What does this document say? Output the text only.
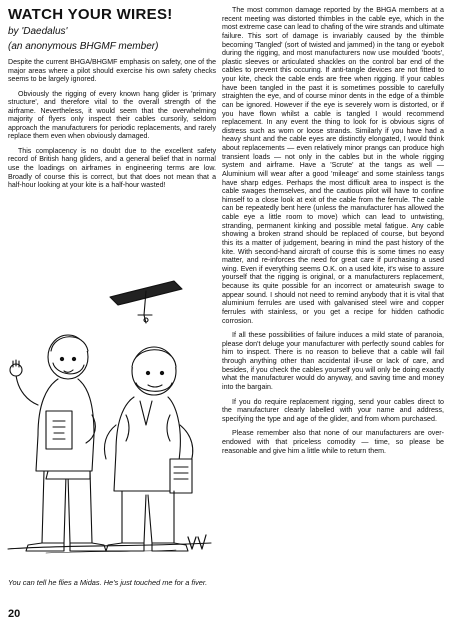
WATCH YOUR WIRES!

by 'Daedalus'

(an anonymous BHGMF member)

Despite the current BHGA/BHGMF emphasis on safety, one of the major areas where a pilot should exercise his own safety checks seems to be largely ignored.

Obviously the rigging of every known hang glider is 'primary structure', and therefore vital to the overall strength of the airframe. Nevertheless, it would seem that the overwhelming majority of flyers only inspect their cables cursorily, seldom approach the manufacturers for periodic replacements, and rarely replace them even when obviously damaged.

This complacency is no doubt due to the excellent safety record of British hang gliders, and a general belief that in normal use the loadings on airframes in engineering terms are low. Broadly of course this is correct, but that does not mean that a half-hour looking at your kite is a half-hour wasted!

The most common damage reported by the BHGA members at a recent meeting was distorted thimbles in the cable eye, which in the most extreme case can lead to chafing of the wire strands and ultimate failure. This sort of damage is invariably caused by the thimble becoming 'Tangled' (sort of twisted and jammed) in the tang or eyebolt during the rigging, and most manufacturers now use moulded 'boots', plastic sleeves or articulated shackles on the control bar end of the cables to prevent this occuring. If anti-tangle devices are not fitted to your kite, check the cable ends are free when rigging. If your cables have been tangled in the past it is sometimes possible to carefully straighten the eye, and of course minor dents in the edge of a thimble can be ignored. However if the eye is severely worn is distorted, or if you have flown whilst a cable is tangled I would recommend replacement. In any event the thing to look for is obvious signs of distress such as worn or loose strands. Similarly if you have had a heavy shunt and the cable eyes are distinctly elongated, I would think about replacements — even relatively minor prangs can produce high transient loads — not only in the cables but in the whole rigging system and airframe. Have a 'Scrute' at the tangs as well — Aluminium will wear after a good 'mileage' and some stainless tangs have sharp edges. Perhaps the most difficult area to inspect is the cable swages themselves, and the cautious pilot will have to confine himself to a close look at exit of the cable from the ferrule. The cable can be repeatedly bent here (unless the manufacturer has allowed the cable eye a little room to move) which can lead to untwisting, stranding, permanent kinking and possible metal fatigue. Any cable showing a broken strand should be replaced of course, but beyond this its a matter of judgement, bearing in mind the past history of the kite. With second-hand aircraft of course this is some times no easy matter, and re-inforces the need for great care if purchasing a used wing. Even if everything seems O.K. on a used kite, it's wise to assure yourself that the rigging is original, or a manufacturers replacement, because its quite possible for an incorrect or amateurish swage to appear sound. I should not need to remind anybody that it is vital that aluminium ferrules are used with galvanised steel wire and copper ferrules with stainless, or you get a recipe for hidden cathodic corrosion.

If all these possibilities of failure induces a mild state of paranoia, please don't deluge your manufacturer with perfectly sound cables for him to inspect. There is no reason to believe that a cable will fail through anything other than accidental ill-use or lack of care, and besides, if you check the cables yourself you will only be doing exactly what the manufacturer would do anyway, and saving time and money into the bargain.

If you do require replacement rigging, send your cables direct to the manufacturer clearly labelled with your name and address, specifying the type and age of the glider, and from whom purchased.

Please remember also that none of our manufacturers are over-endowed with that priceless comodity — time, so please be reasonable and give him a little while to return them.

You can tell he flies a Midas. He's just touched me for a fiver.

20
